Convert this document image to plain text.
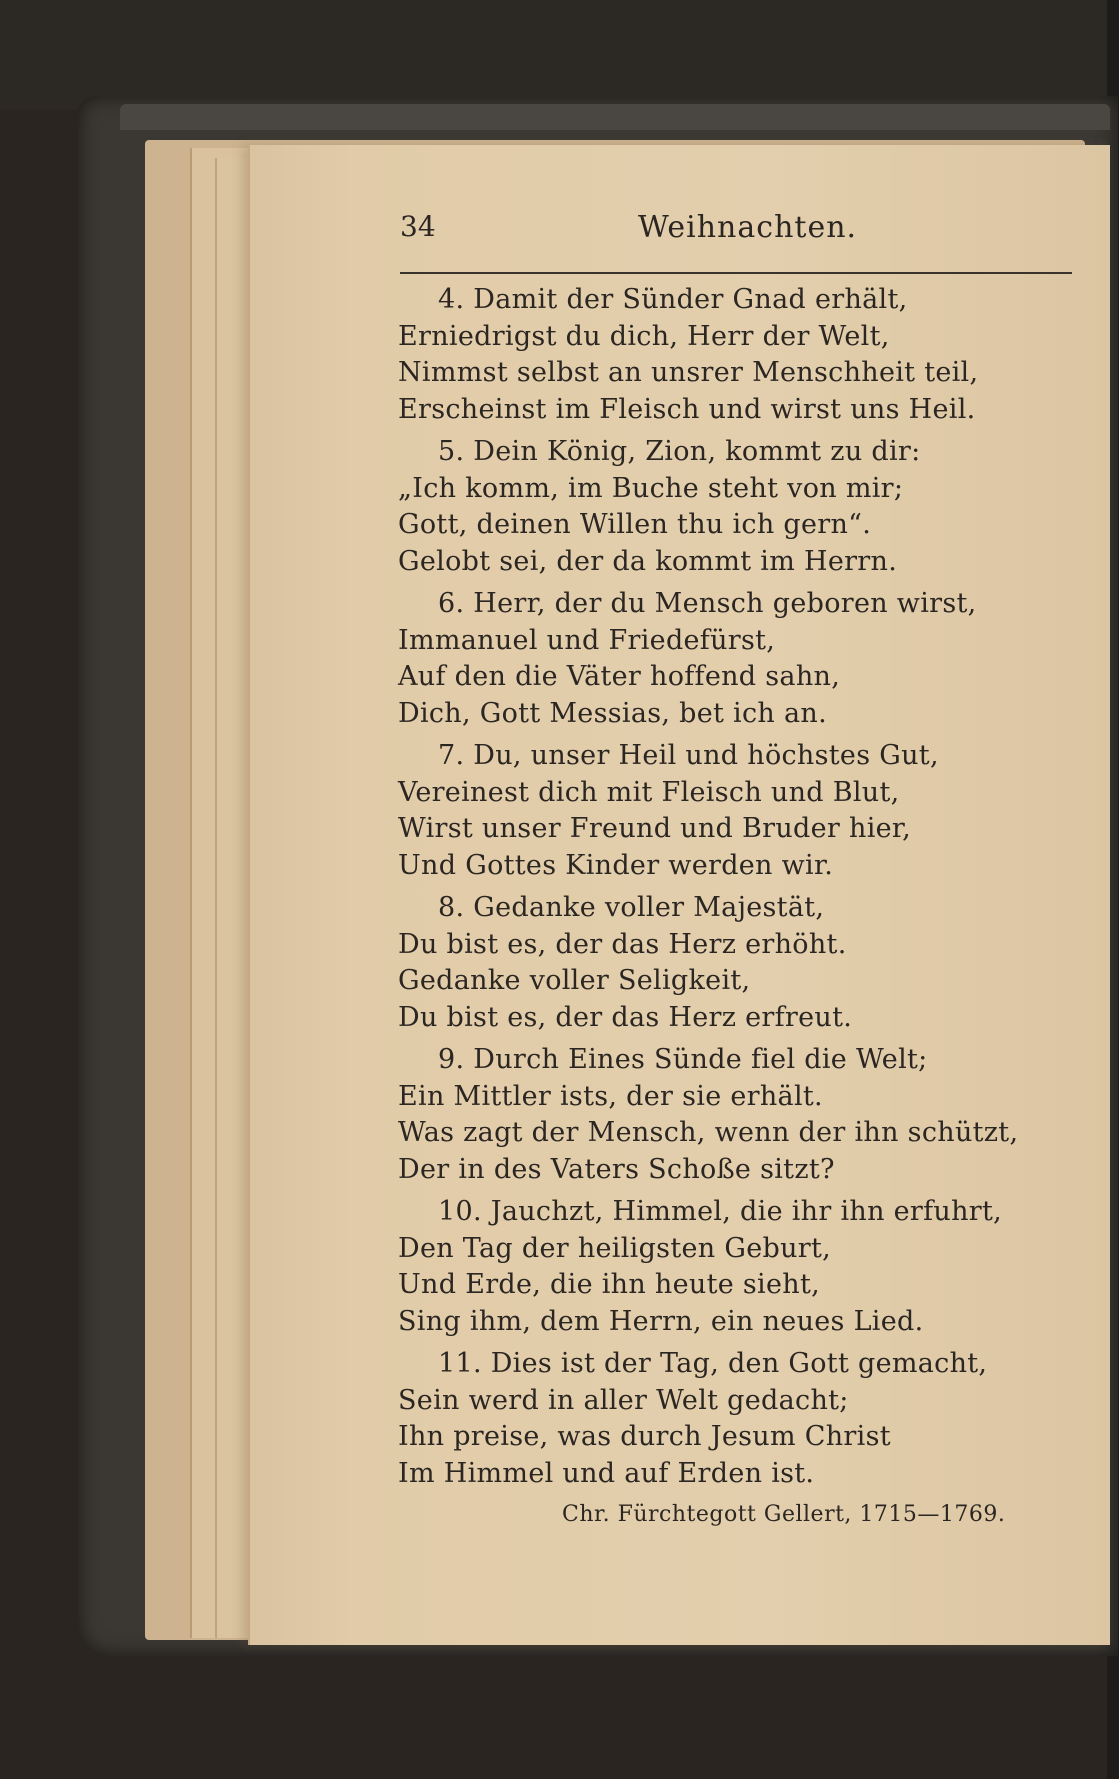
34	Weihnachten.
4. Damit der Sünder Gnad erhält,
Erniedrigst du dich, Herr der Welt,
Nimmst selbst an unsrer Menschheit teil,
Erscheinst im Fleisch und wirst uns Heil.
5. Dein König, Zion, kommt zu dir:
„Ich komm, im Buche steht von mir;
Gott, deinen Willen thu ich gern“.
Gelobt sei, der da kommt im Herrn.
6. Herr, der du Mensch geboren wirst,
Immanuel und Friedefürst,
Auf den die Väter hoffend sahn,
Dich, Gott Messias, bet ich an.
7. Du, unser Heil und höchstes Gut,
Vereinest dich mit Fleisch und Blut,
Wirst unser Freund und Bruder hier,
Und Gottes Kinder werden wir.
8. Gedanke voller Majestät,
Du bist es, der das Herz erhöht.
Gedanke voller Seligkeit,
Du bist es, der das Herz erfreut.
9. Durch Eines Sünde fiel die Welt;
Ein Mittler ists, der sie erhält.
Was zagt der Mensch, wenn der ihn schützt,
Der in des Vaters Schoße sitzt?
10. Jauchzt, Himmel, die ihr ihn erfuhrt,
Den Tag der heiligsten Geburt,
Und Erde, die ihn heute sieht,
Sing ihm, dem Herrn, ein neues Lied.
11. Dies ist der Tag, den Gott gemacht,
Sein werd in aller Welt gedacht;
Ihn preise, was durch Jesum Christ
Im Himmel und auf Erden ist.
Chr. Fürchtegott Gellert, 1715—1769.
